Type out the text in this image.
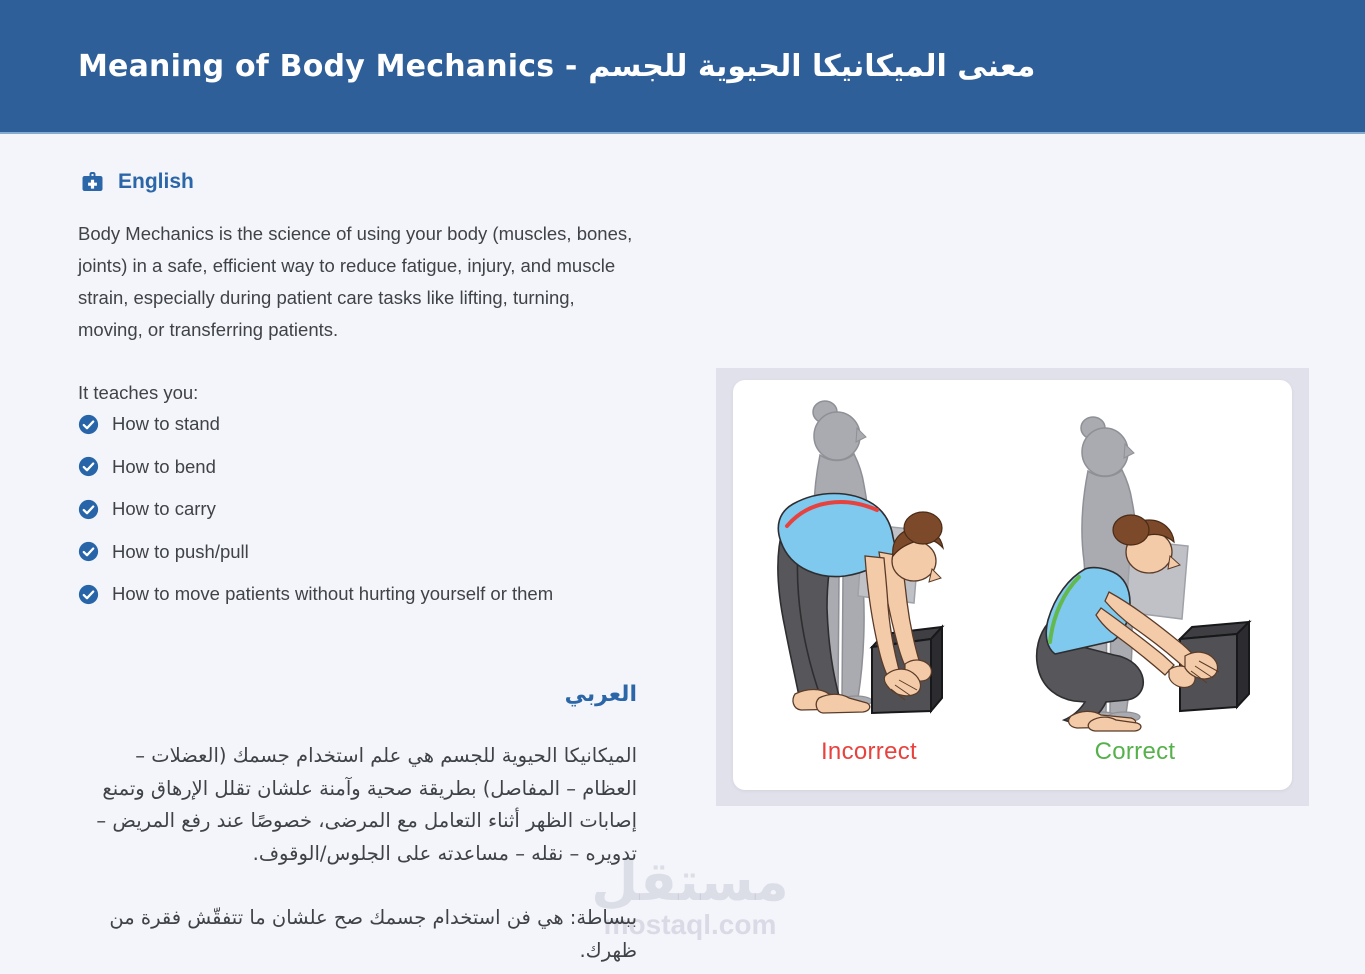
Meaning of Body Mechanics - معنى الميكانيكا الحيوية للجسم
English

Body Mechanics is the science of using your body (muscles, bones, joints) in a safe, efficient way to reduce fatigue, injury, and muscle strain, especially during patient care tasks like lifting, turning, moving, or transferring patients.

It teaches you:

How to stand
How to bend
How to carry
How to push/pull
How to move patients without hurting yourself or them
مستقل
mostaql.com
العربي

الميكانيكا الحيوية للجسم هي علم استخدام جسمك (العضلات – العظام – المفاصل) بطريقة صحية وآمنة علشان تقلل الإرهاق وتمنع إصابات الظهر أثناء التعامل مع المرضى، خصوصًا عند رفع المريض – تدويره – نقله – مساعدته على الجلوس/الوقوف.

ببساطة: هي فن استخدام جسمك صح علشان ما تتفقّش فقرة من ظهرك.

Incorrect	Correct
